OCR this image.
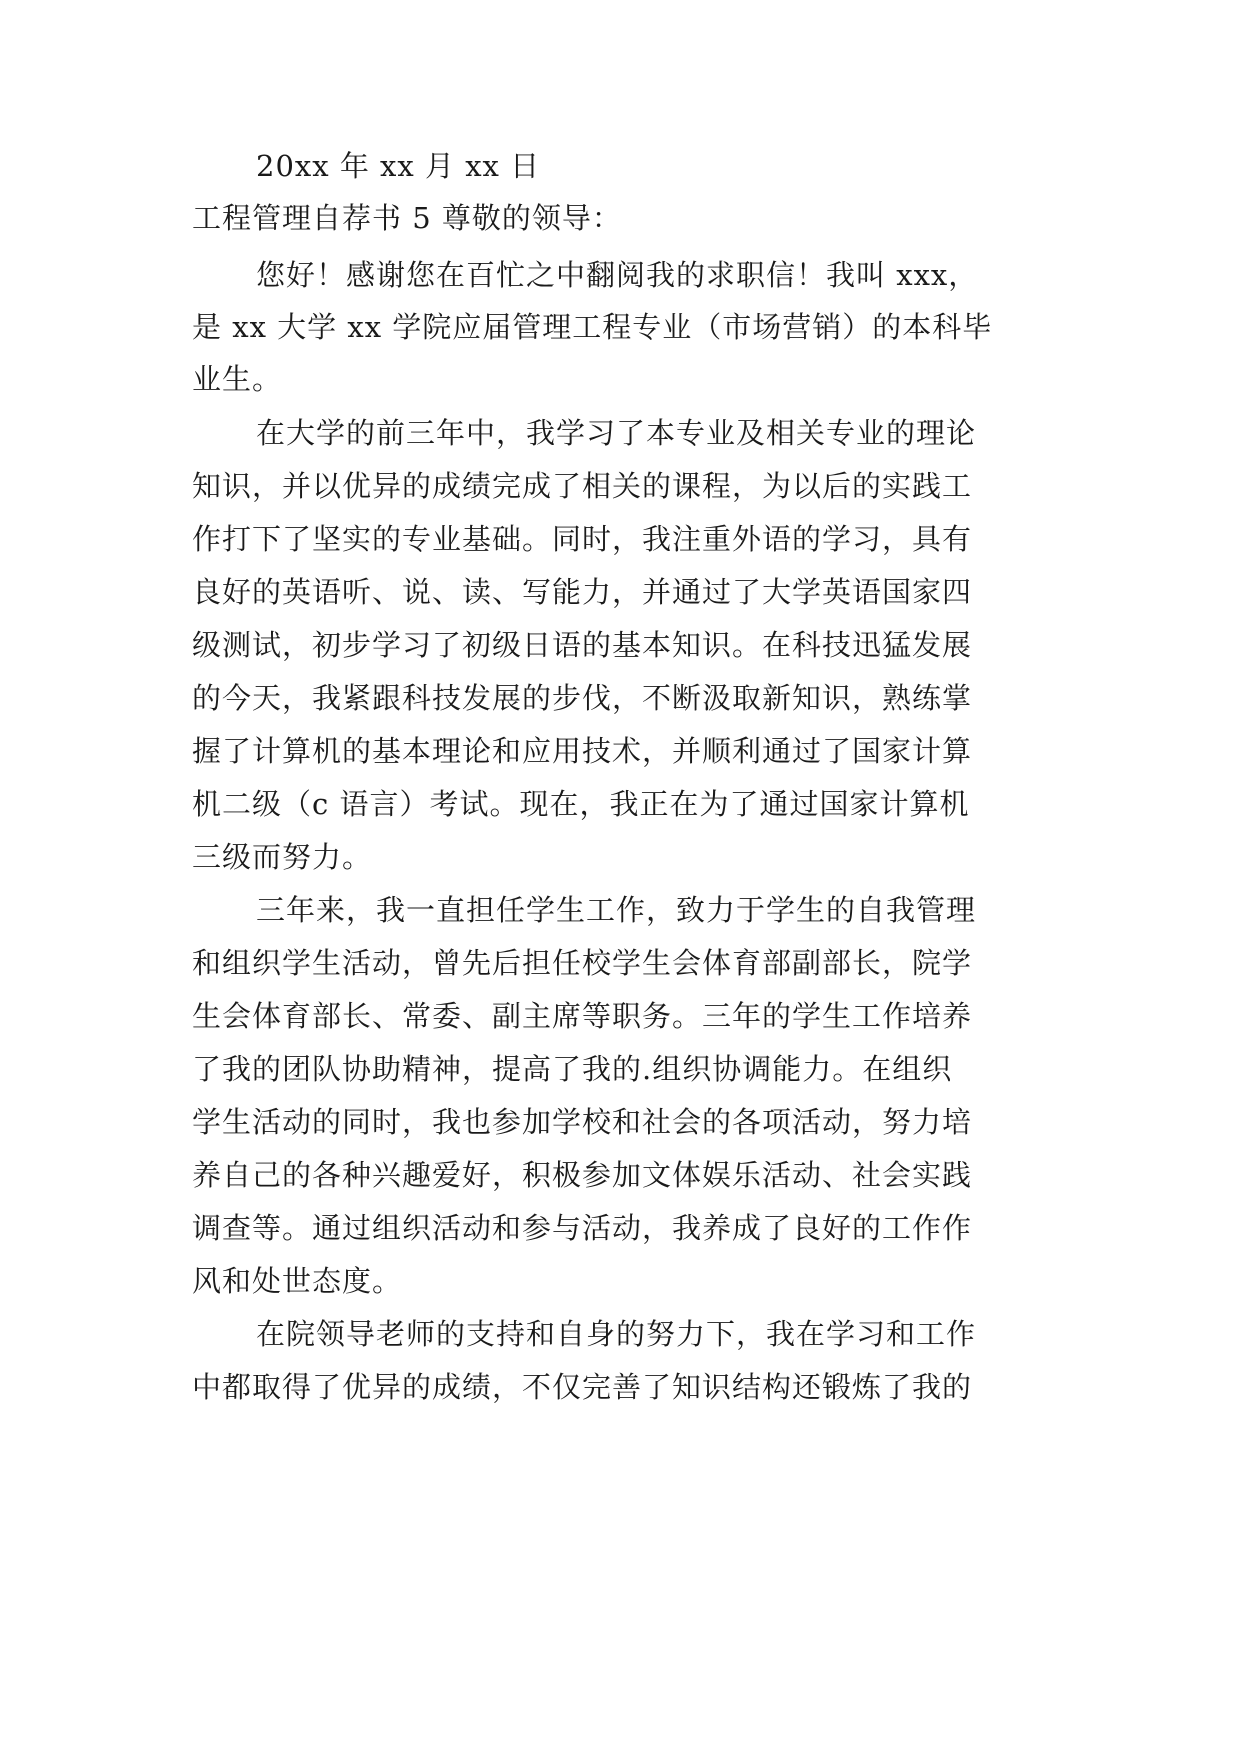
20xx 年 xx 月 xx 日
工程管理自荐书 5 尊敬的领导：
您好！感谢您在百忙之中翻阅我的求职信！我叫 xxx，
是 xx 大学 xx 学院应届管理工程专业（市场营销）的本科毕
业生。
在大学的前三年中，我学习了本专业及相关专业的理论
知识，并以优异的成绩完成了相关的课程，为以后的实践工
作打下了坚实的专业基础。同时，我注重外语的学习，具有
良好的英语听、说、读、写能力，并通过了大学英语国家四
级测试，初步学习了初级日语的基本知识。在科技迅猛发展
的今天，我紧跟科技发展的步伐，不断汲取新知识，熟练掌
握了计算机的基本理论和应用技术，并顺利通过了国家计算
机二级（c 语言）考试。现在，我正在为了通过国家计算机
三级而努力。
三年来，我一直担任学生工作，致力于学生的自我管理
和组织学生活动，曾先后担任校学生会体育部副部长，院学
生会体育部长、常委、副主席等职务。三年的学生工作培养
了我的团队协助精神，提高了我的.组织协调能力。在组织
学生活动的同时，我也参加学校和社会的各项活动，努力培
养自己的各种兴趣爱好，积极参加文体娱乐活动、社会实践
调查等。通过组织活动和参与活动，我养成了良好的工作作
风和处世态度。
在院领导老师的支持和自身的努力下，我在学习和工作
中都取得了优异的成绩，不仅完善了知识结构还锻炼了我的
